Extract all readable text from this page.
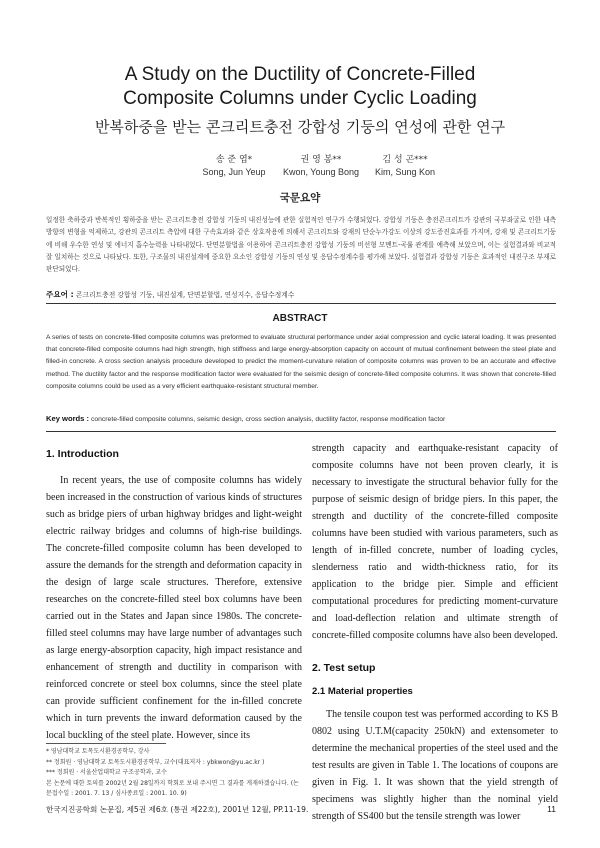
A Study on the Ductility of Concrete-Filled
Composite Columns under Cyclic Loading
반복하중을 받는 콘크리트충전 강합성 기둥의 연성에 관한 연구
송 준 엽*
Song, Jun Yeup
권 영 봉**
Kwon, Young Bong
김 성 곤***
Kim, Sung Kon
국문요약
일정한 축하중과 반복적인 횡하중을 받는 콘크리트충전 강합성 기둥의 내진성능에 관한 실험적인 연구가 수행되었다. 강합성 기둥은 충전콘크리트가 강관의 국부좌굴로 인한 내측방향의 변형을 억제하고, 강관의 콘크리트 측압에 대한 구속효과와 같은 상호작용에 의해서 콘크리트와 강재의 단순누가강도 이상의 강도증진효과를 가지며, 강재 및 콘크리트기둥에 비해 우수한 연성 및 에너지 흡수능력을 나타내었다. 단면분할법을 이용하여 콘크리트충전 강합성 기둥의 비선형 모멘트-곡률 관계를 예측해 보았으며, 이는 실험결과와 비교적 잘 일치하는 것으로 나타났다. 또한, 구조물의 내진설계에 중요한 요소인 강합성 기둥의 연성 및 응답수정계수를 평가해 보았다. 실험결과 강합성 기둥은 효과적인 내진구조 부재로 판단되었다.
주요어 : 콘크리트충전 강합성 기둥, 내진설계, 단면분할법, 연성지수, 응답수정계수
ABSTRACT
A series of tests on concrete-filled composite columns was preformed to evaluate structural performance under axial compression and cyclic lateral loading. It was presented that concrete-filled composite columns had high strength, high stiffness and large energy-absorption capacity on account of mutual confinement between the steel plate and filled-in concrete. A cross section analysis procedure developed to predict the moment-curvature relation of composite columns was proven to be an accurate and effective method. The ductility factor and the response modification factor were evaluated for the seismic design of concrete-filled composite columns. It was shown that concrete-filled composite columns could be used as a very efficient earthquake-resistant structural member.
Key words : concrete-filled composite columns, seismic design, cross section analysis, ductility factor, response modification factor
1. Introduction

In recent years, the use of composite columns has widely been increased in the construction of various kinds of structures such as bridge piers of urban highway bridges and light-weight electric railway bridges and columns of high-rise buildings. The concrete-filled composite column has been developed to assure the demands for the strength and deformation capacity in the design of large scale structures. Therefore, extensive researches on the concrete-filled steel box columns have been carried out in the States and Japan since 1980s. The concrete-filled steel columns may have large number of advantages such as large energy-absorption capacity, high impact resistance and enhancement of strength and ductility in comparison with reinforced concrete or steel box columns, since the steel plate can provide sufficient confinement for the in-filled concrete which in turn prevents the inward deformation caused by the local buckling of the steel plate. However, since its

strength capacity and earthquake-resistant capacity of composite columns have not been proven clearly, it is necessary to investigate the structural behavior fully for the purpose of seismic design of bridge piers. In this paper, the strength and ductility of the concrete-filled composite columns have been studied with various parameters, such as length of in-filled concrete, number of loading cycles, slenderness ratio and width-thickness ratio, for its application to the bridge pier. Simple and efficient computational procedures for predicting moment-curvature and load-deflection relation and ultimate strength of concrete-filled composite columns have also been developed.

2. Test setup
2.1 Material properties

The tensile coupon test was performed according to KS B 0802 using U.T.M(capacity 250kN) and extensometer to determine the mechanical properties of the steel used and the test results are given in Table 1. The locations of coupons are given in Fig. 1. It was shown that the yield strength of specimens was slightly higher than the nominal yield strength of SS400 but the tensile strength was lower

* 영남대학교 토목도시환경공학부, 강사
** 정회원 · 영남대학교 토목도시환경공학부, 교수(대표저자 : ybkwon@yu.ac.kr )
*** 정회원 · 서울산업대학교 구조공학과, 교수
본 논문에 대한 토의를 2002년 2월 28일까지 학회로 보내 주시면 그 결과를 게재하겠습니다. (논문접수일 : 2001. 7. 13 / 심사종료일 : 2001. 10. 9)
한국지진공학회 논문집, 제5권 제6호 (통권 제22호), 2001년 12월, PP.11-19.	11
